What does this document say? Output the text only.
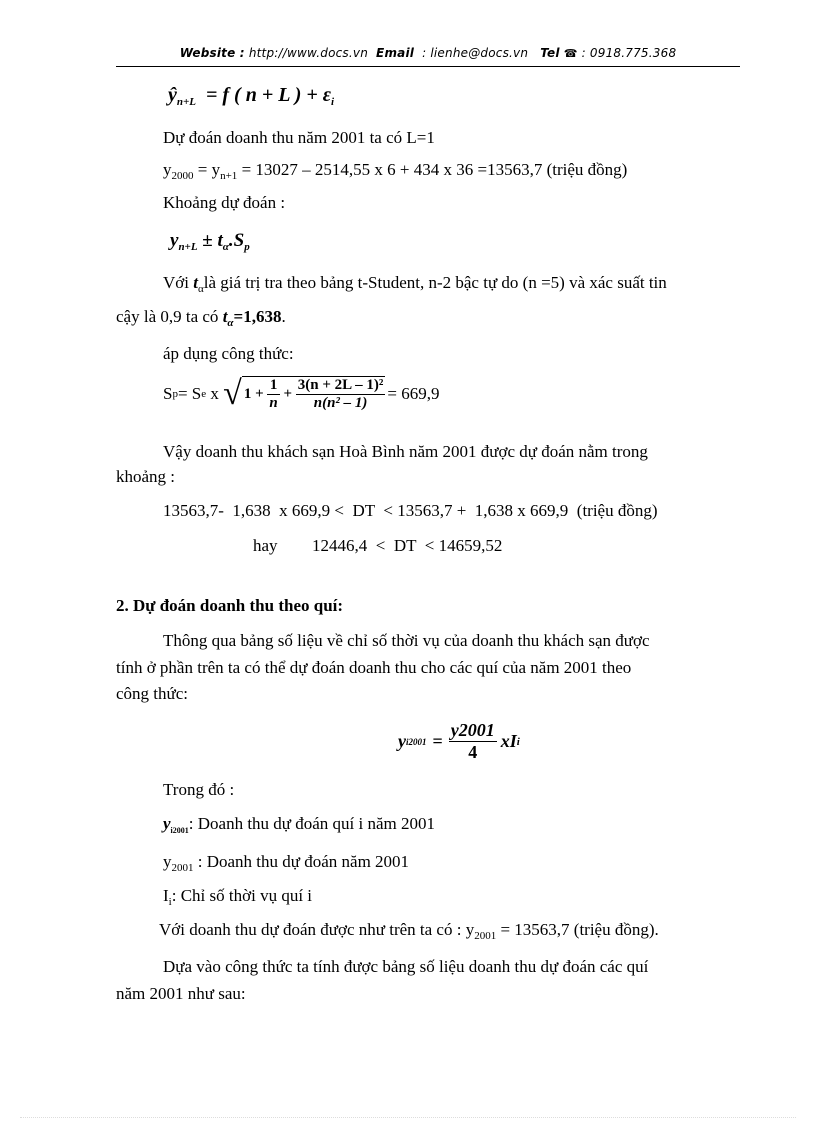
Website : http://www.docs.vn Email : lienhe@docs.vn Tel ☎ : 0918.775.368
$ŷ_{n+L} = f$ ( n + L ) + $\varepsilon_i$
Dự đoán doanh thu năm 2001 ta có L=1
$y_{2000} = y_{n+1} = 13027 - 2514,55$ x 6 + 434 x 36 =13563,7 (triệu đồng)
Khoảng dự đoán :
$y_{n+L} \pm t_\alpha.S_p$
Với $t_\alpha là$ giá trị tra theo bảng t-Student, n-2 bậc tự do (n =5) và xác suất tin
cậy là 0,9 ta có $t_\alpha=1,638$.
áp dụng công thức:
S p = S e x √ $1 + \frac{1}{n} + \frac{\text{3(n + 2L – 1)²}}{\text{n(n² – 1)}} = 669,9$
Vậy doanh thu khách sạn Hoà Bình năm 2001 được dự đoán nằm trong
khoảng :
13563,7-  1,638  x 669,9 <  DT  < 13563,7 +  1,638 x 669,9  (triệu đồng)
hay 12446,4  <  DT  < 14659,52
2. Dự đoán doanh thu theo quí:
Thông qua bảng số liệu về chỉ số thời vụ của doanh thu khách sạn được
tính ở phần trên ta có thể dự đoán doanh thu cho các quí của năm 2001 theo
công thức:
y $i2001 = \frac{y2001}{4}$ xI i
Trong đó :
$y_{i2001}$: Doanh thu dự đoán quí i năm 2001
$y_{2001}$ : Doanh thu dự đoán năm 2001
$I_i$: Chỉ số thời vụ quí i
Với doanh thu dự đoán được như trên ta có : $y_{2001} = 13563,7$ (triệu đồng).
Dựa vào công thức ta tính được bảng số liệu doanh thu dự đoán các quí
năm 2001 như sau:
